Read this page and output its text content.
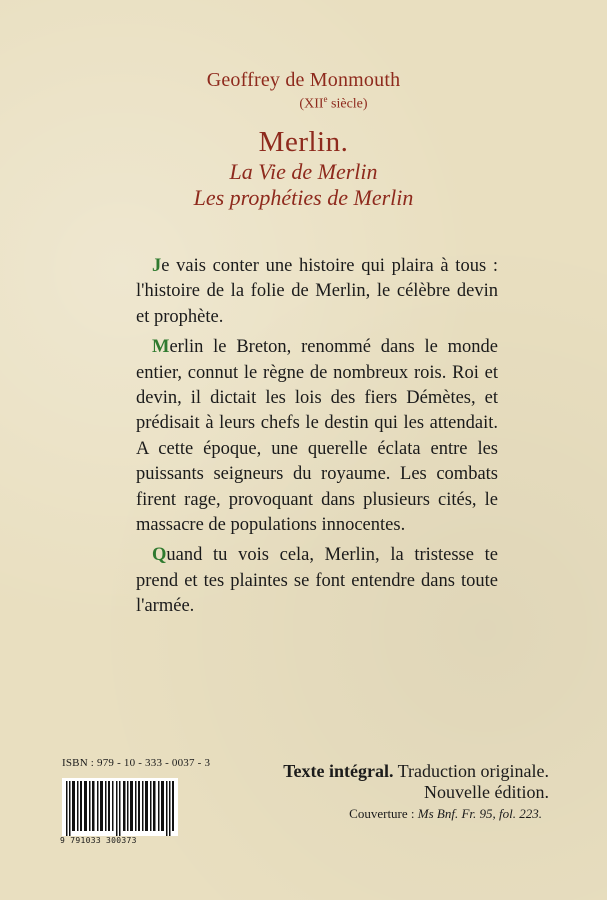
Geoffrey de Monmouth
(XIIe siècle)
Merlin.
La Vie de Merlin
Les prophéties de Merlin

Je vais conter une histoire qui plaira à tous : l'histoire de la folie de Merlin, le célèbre devin et prophète.

Merlin le Breton, renommé dans le monde entier, connut le règne de nombreux rois. Roi et devin, il dictait les lois des fiers Démètes, et prédisait à leurs chefs le destin qui les attendait. A cette époque, une querelle éclata entre les puissants seigneurs du royaume. Les combats firent rage, provoquant dans plusieurs cités, le massacre de populations innocentes.

Quand tu vois cela, Merlin, la tristesse te prend et tes plaintes se font entendre dans toute l'armée.

ISBN : 979 - 10 - 333 - 0037 - 3
9 791033 300373
Texte intégral. Traduction originale.
Nouvelle édition.
Couverture : Ms Bnf. Fr. 95, fol. 223.
